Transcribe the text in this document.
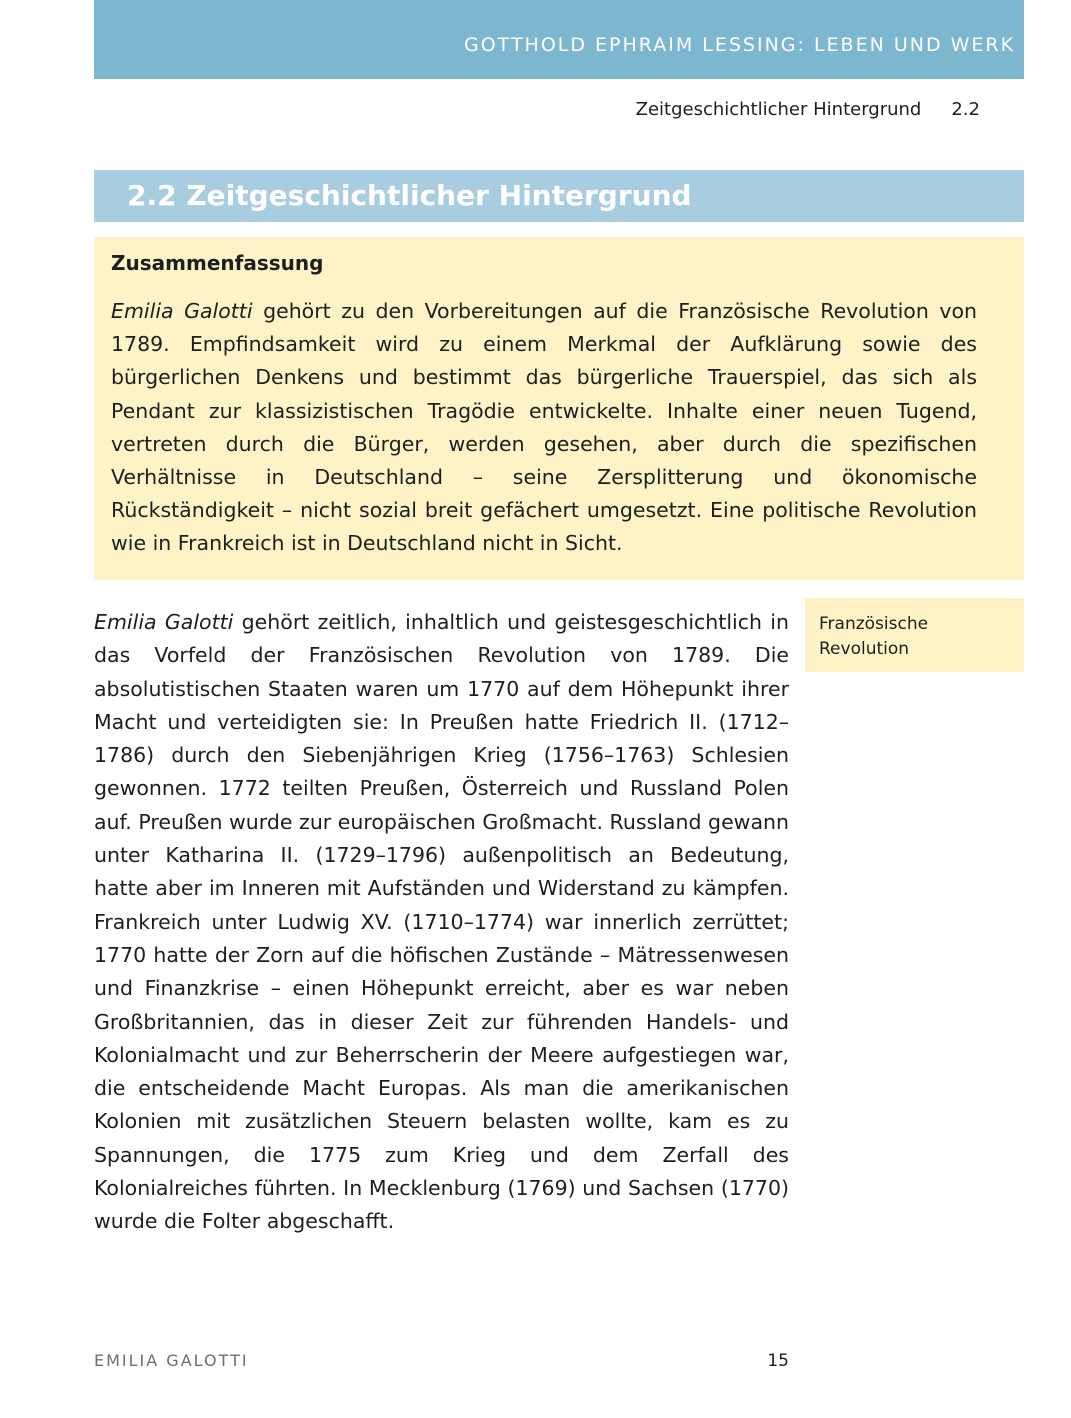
GOTTHOLD EPHRAIM LESSING: LEBEN UND WERK 2
Zeitgeschichtlicher Hintergrund 2.2
2.2 Zeitgeschichtlicher Hintergrund
Zusammenfassung
Emilia Galotti gehört zu den Vorbereitungen auf die Französische Revolution von 1789. Empfindsamkeit wird zu einem Merkmal der Aufklärung sowie des bürgerlichen Denkens und bestimmt das bürgerliche Trauerspiel, das sich als Pendant zur klassizistischen Tragödie entwickelte. Inhalte einer neuen Tugend, vertreten durch die Bürger, werden gesehen, aber durch die spezifischen Verhältnisse in Deutschland – seine Zersplitterung und ökonomische Rückständigkeit – nicht sozial breit gefächert umgesetzt. Eine politische Revolution wie in Frankreich ist in Deutschland nicht in Sicht.
Emilia Galotti gehört zeitlich, inhaltlich und geistesgeschichtlich in das Vorfeld der Französischen Revolution von 1789. Die absolutistischen Staaten waren um 1770 auf dem Höhepunkt ihrer Macht und verteidigten sie: In Preußen hatte Friedrich II. (1712–1786) durch den Siebenjährigen Krieg (1756–1763) Schlesien gewonnen. 1772 teilten Preußen, Österreich und Russland Polen auf. Preußen wurde zur europäischen Großmacht. Russland gewann unter Katharina II. (1729–1796) außenpolitisch an Bedeutung, hatte aber im Inneren mit Aufständen und Widerstand zu kämpfen. Frankreich unter Ludwig XV. (1710–1774) war innerlich zerrüttet; 1770 hatte der Zorn auf die höfischen Zustände – Mätressenwesen und Finanzkrise – einen Höhepunkt erreicht, aber es war neben Großbritannien, das in dieser Zeit zur führenden Handels- und Kolonialmacht und zur Beherrscherin der Meere aufgestiegen war, die entscheidende Macht Europas. Als man die amerikanischen Kolonien mit zusätzlichen Steuern belasten wollte, kam es zu Spannungen, die 1775 zum Krieg und dem Zerfall des Kolonialreiches führten. In Mecklenburg (1769) und Sachsen (1770) wurde die Folter abgeschafft.
Französische
Revolution
EMILIA GALOTTI	15
